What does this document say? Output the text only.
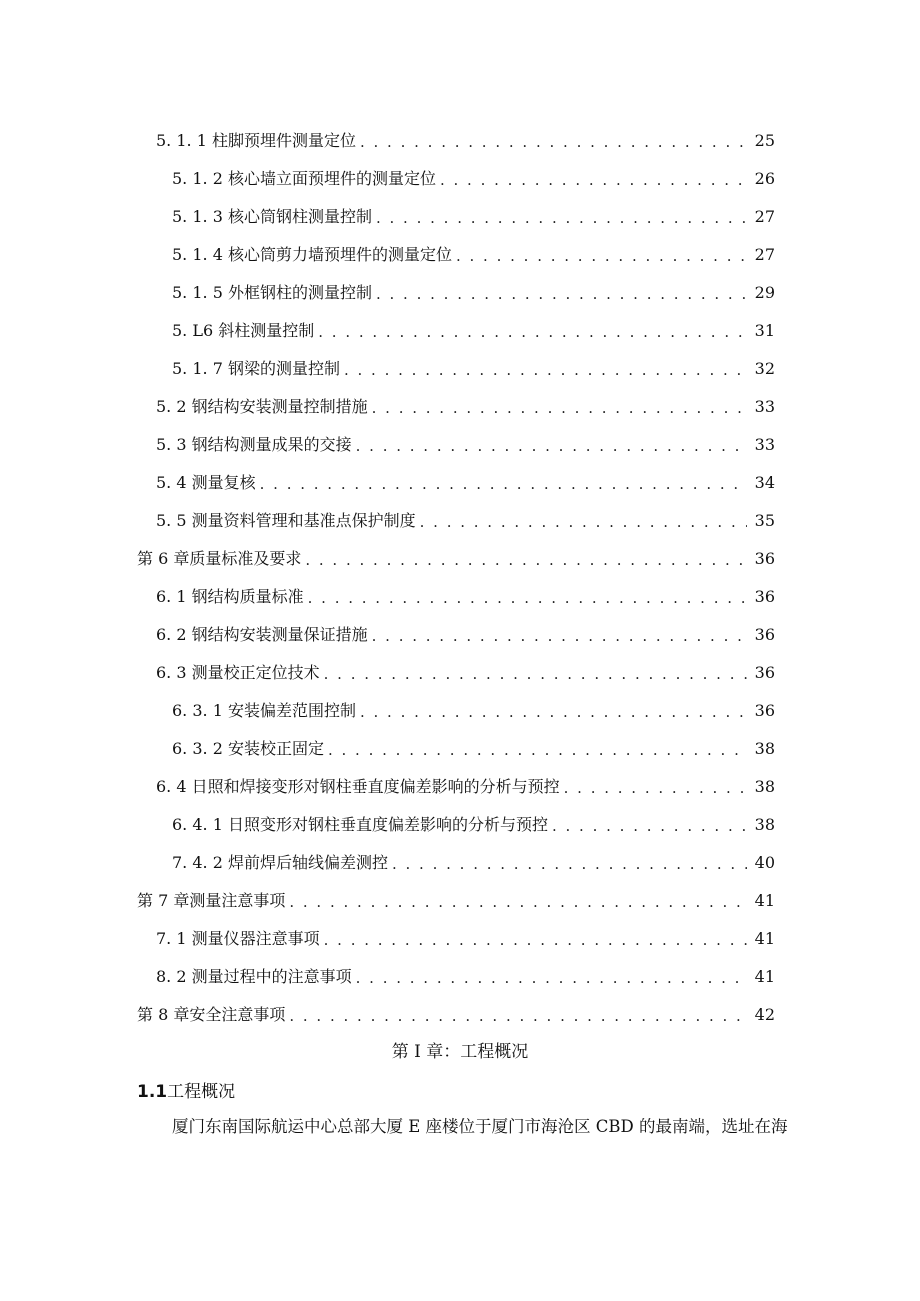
5. 1. 1 柱脚预埋件测量定位 . . .	25
5. 1. 2 核心墙立面预埋件的测量定位 . . .	26
5. 1. 3 核心筒钢柱测量控制 . . .	27
5. 1. 4 核心筒剪力墙预埋件的测量定位 . . .	27
5. 1. 5 外框钢柱的测量控制 . . .	29
5. L6 斜柱测量控制 . . .	31
5. 1. 7 钢梁的测量控制 . . .	32
5. 2 钢结构安装测量控制措施 . . .	33
5. 3 钢结构测量成果的交接 . . .	33
5. 4 测量复核 . . .	34
5. 5 测量资料管理和基准点保护制度 . . .	35
第 6 章质量标准及要求 . . .	36
6. 1 钢结构质量标准 . . .	36
6. 2 钢结构安装测量保证措施 . . .	36
6. 3 测量校正定位技术 . . .	36
6. 3. 1 安装偏差范围控制 . . .	36
6. 3. 2 安装校正固定 . . .	38
6. 4 日照和焊接变形对钢柱垂直度偏差影响的分析与预控 . . .	38
6. 4. 1 日照变形对钢柱垂直度偏差影响的分析与预控 . . .	38
7. 4. 2 焊前焊后轴线偏差测控 . . .	40
第 7 章测量注意事项 . . .	41
7. 1 测量仪器注意事项 . . .	41
8. 2 测量过程中的注意事项 . . .	41
第 8 章安全注意事项 . . .	42
第 I 章：工程概况
1.1工程概况
厦门东南国际航运中心总部大厦 E 座楼位于厦门市海沧区 CBD 的最南端，选址在海
